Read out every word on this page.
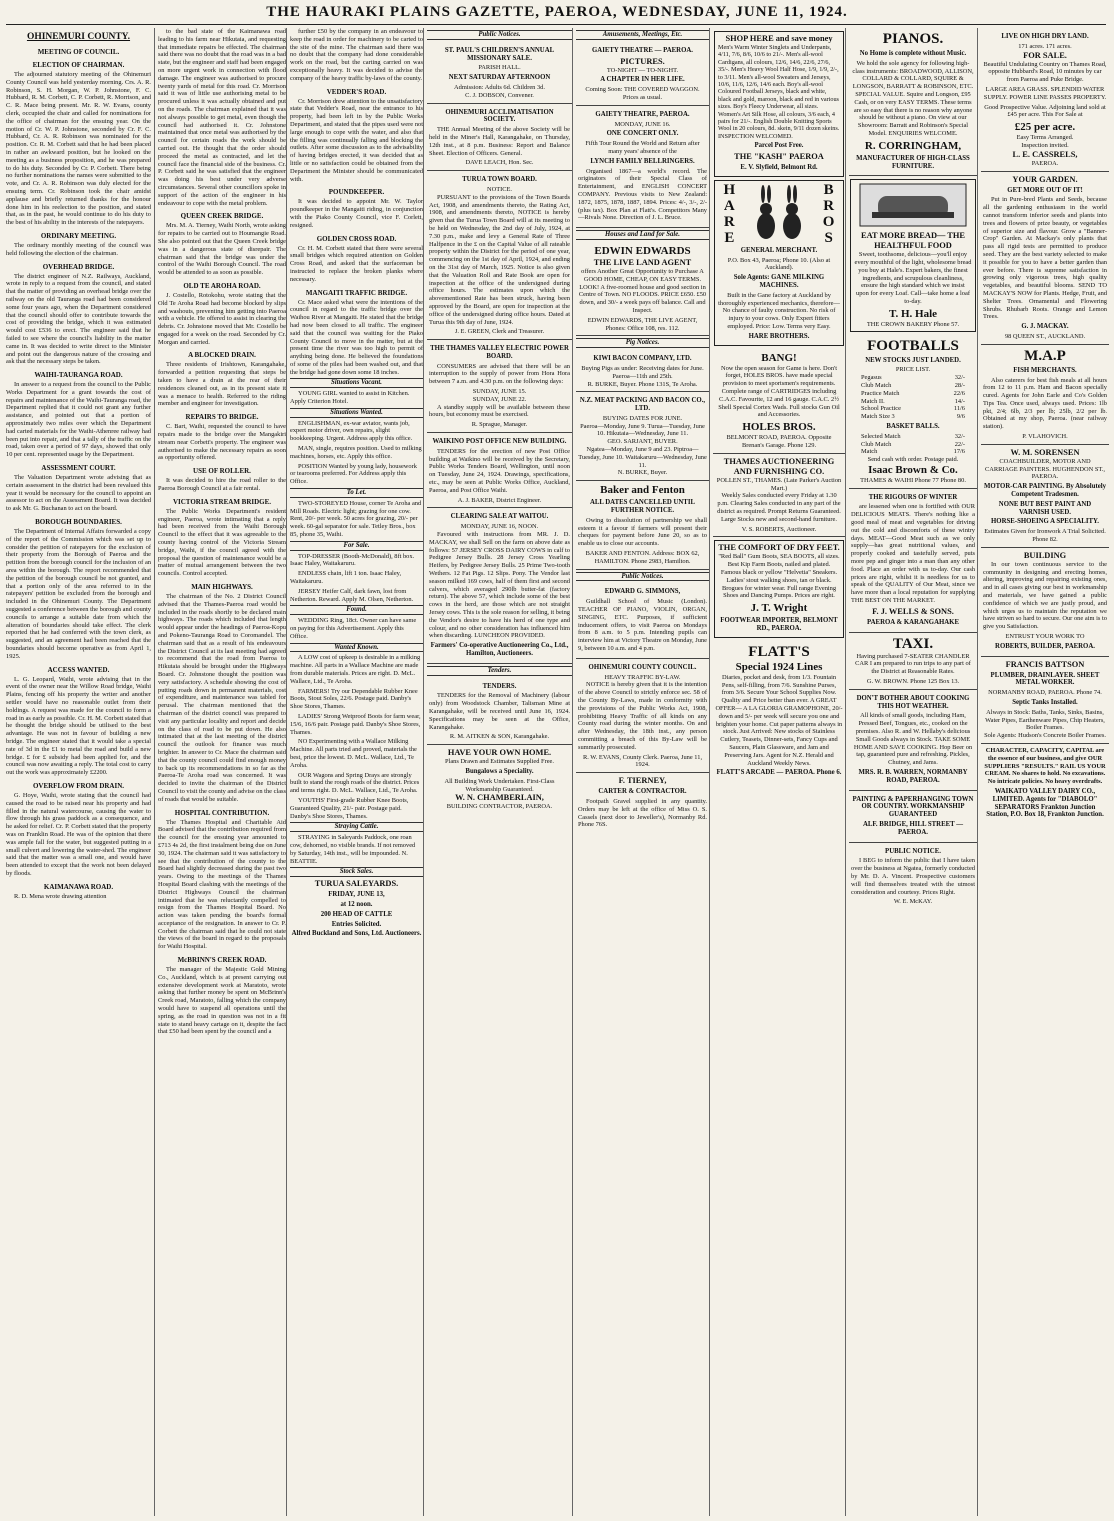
THE HAURAKI PLAINS GAZETTE, PAEROA, WEDNESDAY, JUNE 11, 1924.
OHINEMURI COUNTY.
MEETING OF COUNCIL.
ELECTION OF CHAIRMAN.

The adjourned statutory meeting of the Ohinemuri County Council was held yesterday morning. Crs. A. R. Robinson, S. H. Morgan, W. P. Johnstone, F. C. Hubbard, R. M. Corbett, C. P. Corbett, R. Morrison, and C. R. Mace being present. Mr. R. W. Evans, county clerk, occupied the chair and called for nominations for the office of chairman for the ensuing year. On the motion of Cr. W. P. Johnstone, seconded by Cr. F. C. Hubbard, Cr. A. R. Robinson was nominated for the position. Cr. R. M. Corbett said that he had been placed in rather an awkward position, but he looked on the meeting as a business proposition, and he was prepared to do his duty. Seconded by Cr. P. Corbett. There being no further nominations the names were submitted to the vote, and Cr. A. R. Robinson was duly elected for the ensuing term. Cr. Robinson took the chair amidst applause and briefly returned thanks for the honour done him in his reelection to the position, and stated that, as in the past, he would continue to do his duty to the best of his ability in the interests of the ratepayers.

ORDINARY MEETING.

The ordinary monthly meeting of the council was held following the election of the chairman.

OVERHEAD BRIDGE.

The district engineer of N.Z. Railways, Auckland, wrote in reply to a request from the council, and stated that the matter of providing an overhead bridge over the railway on the old Tauranga road had been considered some four years ago, when the Department considered that the council should offer to contribute towards the cost of providing the bridge, which it was estimated would cost £536 to erect. The engineer said that he failed to see where the council's liability in the matter came in. It was decided to write direct to the Minister and point out the dangerous nature of the crossing and ask that the necessary steps be taken.

WAIHI-TAURANGA ROAD.

In answer to a request from the council to the Public Works Department for a grant towards the cost of repairs and maintenance of the Waihi-Tauranga road, the Department replied that it could not grant any further assistance, and pointed out that a portion of approximately two miles over which the Department had carted materials for the Waihi-Athenree railway had been put into repair, and that a tally of the traffic on the road, taken over a period of 97 days, showed that only 10 per cent. represented usage by the Department.

ASSESSMENT COURT.

The Valuation Department wrote advising that as certain assessment in the district had been revalued this year it would be necessary for the council to appoint an assessor to act on the Assessment Board. It was decided to ask Mr. G. Buchanan to act on the board.

BOROUGH BOUNDARIES.

The Department of Internal Affairs forwarded a copy of the report of the Commission which was set up to consider the petition of ratepayers for the exclusion of their property from the Borough of Paeroa and the petition from the borough council for the inclusion of an area within the borough. The report recommended that the petition of the borough council be not granted, and that a portion only of the area referred to in the ratepayers' petition be excluded from the borough and included in the Ohinemuri County. The Department suggested a conference between the borough and county councils to arrange a suitable date from which the alteration of boundaries should take effect. The clerk reported that he had conferred with the town clerk, as suggested, and an agreement had been reached that the boundaries should become operative as from April 1, 1925.

ACCESS WANTED.

L. G. Leopard, Waihi, wrote advising that in the event of the owner near the Willow Road bridge, Waihi Plains, fencing off his property the writer and another settler would have no reasonable outlet from their holdings. A request was made for the council to form a road in as early as possible. Cr. H. M. Corbett stated that he thought the bridge should be utilised to the best advantage. He was not in favour of building a new bridge. The engineer stated that it would take a special rate of 3d in the £1 to metal the road and build a new bridge. £ for £ subsidy had been applied for, and the council was now awaiting a reply. The total cost to carry out the work was approximately £2200.

OVERFLOW FROM DRAIN.

G. Hoye, Waihi, wrote stating that the council had caused the road to be raised near his property and had filled in the natural watercourse, causing the water to flow through his grass paddock as a consequence, and he asked for relief. Cr. P. Corbett stated that the property was on Franklin Road. He was of the opinion that there was ample fall for the water, but suggested putting in a small culvert and lowering the water-shed. The engineer said that the matter was a small one, and would have been attended to except that the work not been delayed by floods.

KAIMANAWA ROAD.

R. D. Mena wrote drawing attention

to the bad state of the Kaimanawa road leading to his farm near Hikutaia, and requesting that immediate repairs be effected. The chairman said there was no doubt that the road was in a bad state, but the engineer and staff had been engaged on more urgent work in connection with flood damage. The engineer was authorised to procure twenty yards of metal for this road. Cr. Morrison said it was of little use authorising metal to be procured unless it was actually obtained and put on the roads. The chairman explained that it was not always possible to get metal, even though the council had authorised it. Cr. Johnstone maintained that once metal was authorised by the council for certain roads the work should be carried out. He thought that the order should proceed the metal as contracted, and let the council face the financial side of the business. Cr. P. Corbett said he was satisfied that the engineer was doing his best under very adverse circumstances. Several other councillors spoke in support of the action of the engineer in his endeavour to cope with the metal problem.

QUEEN CREEK BRIDGE.

Mrs. M. A. Tierney, Waihi North, wrote asking for repairs to be carried out to Houmangie Road. She also pointed out that the Queen Creek bridge was in a dangerous state of disrepair. The chairman said that the bridge was under the control of the Waihi Borough Council. The road would be attended to as soon as possible.

OLD TE AROHA ROAD.

J. Costello, Rotokohu, wrote stating that the Old Te Aroha Road had become blocked by slips and washouts, preventing him getting into Paeroa with a vehicle. He offered to assist in clearing the debris. Cr. Johnstone moved that Mr. Costello be engaged for a week on the road. Seconded by Cr. Morgan and carried.

A BLOCKED DRAIN.

Three residents of Irishtown, Karangahake, forwarded a petition requesting that steps be taken to have a drain at the rear of their residences cleaned out, as in its present state it was a menace to health. Referred to the riding member and engineer for investigation.

REPAIRS TO BRIDGE.

C. Bart, Waihi, requested the council to have repairs made to the bridge over the Mangakiri stream near Corbett's property. The engineer was authorised to make the necessary repairs as soon as opportunity offered.

USE OF ROLLER.

It was decided to hire the road roller to the Paeroa Borough Council at a fair rental.

VICTORIA STREAM BRIDGE.

The Public Works Department's resident engineer, Paeroa, wrote intimating that a reply had been received from the Waihi Borough Council to the effect that it was agreeable to the county having control of the Victoria Stream bridge, Waihi, if the council agreed with the proposal the question of maintenance would be a matter of mutual arrangement between the two councils. Control accepted.

MAIN HIGHWAYS.

The chairman of the No. 2 District Council advised that the Thames-Paeroa road would be included in the roads shortly to be declared main highways. The roads which included that length would appear under the headings of Paeroa-Kopu and Pokeno-Tauranga Road to Coromandel. The chairman said that as a result of his endeavours the District Council at its last meeting had agreed to recommend that the road from Paeroa to Hikutaia should be brought under the Highways Board. Cr. Johnstone thought the position was very satisfactory. A schedule showing the cost of putting roads down in permanent materials, cost of expenditure, and maintenance was tabled for perusal. The chairman mentioned that the chairman of the district council was prepared to visit any particular locality and report and decide on the class of road to be put down. He also intimated that at the last meeting of the district council the outlook for finance was much brighter. In answer to Cr. Mace the chairman said that the county council could find enough money to back up its recommendations in so far as the Paeroa-Te Aroha road was concerned. It was decided to invite the chairman of the District Council to visit the county and advise on the class of roads that would be suitable.

HOSPITAL CONTRIBUTION.

The Thames Hospital and Charitable Aid Board advised that the contribution required from the council for the ensuing year amounted to £713 4s 2d, the first instalment being due on June 30, 1924. The chairman said it was satisfactory to see that the contribution of the county to the Board had slightly decreased during the past two years. Owing to the meetings of the Thames Hospital Board clashing with the meetings of the District Highways Council the chairman intimated that he was reluctantly compelled to resign from the Thames Hospital Board. No action was taken pending the board's formal acceptance of the resignation. In answer to Cr. P. Corbett the chairman said that he could not state the views of the board in regard to the proposals for Waihi Hospital.

McBRINN'S CREEK ROAD.

The manager of the Majestic Gold Mining Co., Auckland, which is at present carrying out extensive development work at Maratoto, wrote asking that further money be spent on McBrinn's Creek road, Maratoto, falling which the company would have to suspend all operations until the spring, as the road in question was not in a fit state to stand heavy cartage on it, despite the fact that £50 had been spent by the council and a

further £50 by the company in an endeavour to keep the road in order for machinery to be carted to the site of the mine. The chairman said there was no doubt that the company had done considerable work on the road, but the carting carried on was exceptionally heavy. It was decided to advise the company of the heavy traffic by-laws of the county.

VEDDER'S ROAD.

Cr. Morrison drew attention to the unsatisfactory state that Vedder's Road, near the entrance to his property, had been left in by the Public Works Department, and stated that the pipes used were not large enough to cope with the water, and also that the filling was continually falling and blocking the outlets. After some discussion as to the advisability of having bridges erected, it was decided that as little or no satisfaction could be obtained from the Department the Minister should be communicated with.

POUNDKEEPER.

It was decided to appoint Mr. W. Taylor poundkeeper in the Mangaiti riding, in conjunction with the Piako County Council, vice F. Corlett, resigned.

GOLDEN CROSS ROAD.

Cr. H. M. Corbett stated that there were several small bridges which required attention on Golden Cross Road, and asked that the surfaceman be instructed to replace the broken planks where necessary.

MANGAITI TRAFFIC BRIDGE.

Cr. Mace asked what were the intentions of the council in regard to the traffic bridge over the Waihou River at Mangaiti. He stated that the bridge had now been closed to all traffic. The engineer said that the council was waiting for the Piako County Council to move in the matter, but at the present time the river was too high to permit of anything being done. He believed the foundations of some of the piles had been washed out, and that the bridge had gone down some 18 inches.

Situations Vacant.

YOUNG GIRL wanted to assist in Kitchen. Apply Criterion Hotel.

Situations Wanted.

ENGLISHMAN, ex-war aviator, wants job, expert motor driver, own repairs, slight bookkeeping. Urgent. Address apply this office.

MAN, single, requires position. Used to milking machines, horses, etc. Apply this office.

POSITION Wanted by young lady, housework or tearooms preferred. For Address apply this Office.

To Let.

TWO-STOREYED House, corner Te Aroha and Mill Roads. Electric light; grazing for one cow. Rent, 20/- per week. 50 acres for grazing, 20/- per week. 60-gal separator for sale. Tetley Bros., box 85, phone 35, Waihi.

For Sale.

TOP-DRESSER (Booth-McDonald), 8ft box. Isaac Haley, Waitakaruru.

ENDLESS chain, lift 1 ton. Isaac Haley, Waitakaruru.

JERSEY Heifer Calf, dark fawn, lost from Netherton. Reward. Apply M. Olsen, Netherton.

Found.

WEDDING Ring, 18ct. Owner can have same on paying for this Advertisement. Apply this Office.

Wanted Known.

A LOW cost of upkeep is desirable in a milking machine. All parts in a Wallace Machine are made from durable materials. Prices are right. D. McL. Wallace, Ltd., Te Aroha.

FARMERS! Try our Dependable Rubber Knee Boots, Stout Soles, 22/6. Postage paid. Danby's Shoe Stores, Thames.

LADIES' Strong Wetproof Boots for farm wear, 15/6, 16/6 pair. Postage paid. Danby's Shoe Stores, Thames.

NO Experimenting with a Wallace Milking Machine. All parts tried and proved, materials the best, price the lowest. D. McL. Wallace, Ltd., Te Aroha.

OUR Wagons and Spring Drays are strongly built to stand the rough roads of the district. Prices and terms right. D. McL. Wallace, Ltd., Te Aroha.

YOUTHS' First-grade Rubber Knee Boots, Guaranteed Quality, 21/- pair. Postage paid. Danby's Shoe Stores, Thames.

Straying Cattle.

STRAYING in Saleyards Paddock, one roan cow, dehorned, no visible brands. If not removed by Saturday, 14th inst., will be impounded. N. BEATTIE.

Stock Sales.
TURUA SALEYARDS.
FRIDAY, JUNE 13,
at 12 noon.
200 HEAD OF CATTLE
Entries Solicited.
Alfred Buckland and Sons, Ltd. Auctioneers.
Public Notices.
ST. PAUL'S CHILDREN'S ANNUAL MISSIONARY SALE.
PARISH HALL.
NEXT SATURDAY AFTERNOON
Admission: Adults 6d. Children 3d.
C. J. DOBSON, Convener.
OHINEMURI ACCLIMATISATION SOCIETY.

THE Annual Meeting of the above Society will be held in the Miner's Hall, Karangahake, on Thursday, 12th inst., at 8 p.m. Business: Report and Balance Sheet. Election of Officers. General.

DAVE LEACH, Hon. Sec.
TURUA TOWN BOARD.
NOTICE.

PURSUANT to the provisions of the Town Boards Act, 1908, and amendments thereto, the Rating Act, 1908, and amendments thereto, NOTICE is hereby given that the Turua Town Board will at its meeting to be held on Wednesday, the 2nd day of July, 1924, at 7.30 p.m., make and levy a General Rate of Three Halfpence in the £ on the Capital Value of all rateable property within the District for the period of one year, commencing on the 1st day of April, 1924, and ending on the 31st day of March, 1925. Notice is also given that the Valuation Roll and Rate Book are open for inspection at the office of the undersigned during office hours. The estimates upon which the abovementioned Rate has been struck, having been approved by the Board, are open for inspection at the office of the undersigned during office hours. Dated at Turua this 9th day of June, 1924.

J. E. GREEN, Clerk and Treasurer.
THE THAMES VALLEY ELECTRIC POWER BOARD.

CONSUMERS are advised that there will be an interruption to the supply of power from Hora Hora between 7 a.m. and 4.30 p.m. on the following days:

SUNDAY, JUNE 15.
SUNDAY, JUNE 22.

A standby supply will be available between these hours, but economy must be exercised.

R. Sprague, Manager.
WAIKINO POST OFFICE NEW BUILDING.

TENDERS for the erection of new Post Office building at Waikino will be received by the Secretary, Public Works Tenders Board, Wellington, until noon on Tuesday, June 24, 1924. Drawings, specifications, etc., may be seen at Public Works Office, Auckland, Paeroa, and Post Office Waihi.

A. J. BAKER, District Engineer.
CLEARING SALE AT WAITOU.
MONDAY, JUNE 16, NOON.

Favoured with instructions from MR. J. D. MACKAY, we shall Sell on the farm on above date as follows: 57 JERSEY CROSS DAIRY COWS in calf to Pedigree Jersey Bulls. 28 Jersey Cross Yearling Heifers, by Pedigree Jersey Bulls. 25 Prime Two-tooth Wethers. 12 Fat Pigs. 12 Slips. Pony. The Vendor last season milked 169 cows, half of them first and second calvers, which averaged 290lb butter-fat (factory return). The above 57, which include some of the best cows in the herd, are those which are not straight Jersey cows. This is the sole reason for selling, it being the Vendor's desire to have his herd of one type and colour, and no other consideration has influenced him when discarding. LUNCHEON PROVIDED.

Farmers' Co-operative Auctioneering Co., Ltd., Hamilton, Auctioneers.
Tenders.
TENDERS.

TENDERS for the Removal of Machinery (labour only) from Woodstock Chamber, Talisman Mine at Karangahake, will be received until June 16, 1924. Specifications may be seen at the Office, Karangahake.

R. M. AITKEN & SON, Karangahake.
HAVE YOUR OWN HOME.
Plans Drawn and Estimates Supplied Free.
Bungalows a Speciality.
All Building Work Undertaken. First-Class Workmanship Guaranteed.
W. N. CHAMBERLAIN,
BUILDING CONTRACTOR, PAEROA.
Amusements, Meetings, Etc.
GAIETY THEATRE — PAEROA.
PICTURES.
TO-NIGHT — TO-NIGHT.
A CHAPTER IN HER LIFE.
Coming Soon: THE COVERED WAGGON.
Prices as usual.
GAIETY THEATRE, PAEROA.
MONDAY, JUNE 16.
ONE CONCERT ONLY.
Fifth Tour Round the World and Return after many years' absence of the
LYNCH FAMILY BELLRINGERS.

Organised 1867—a world's record. The originators of their Special Class of Entertainment, and ENGLISH CONCERT COMPANY. Previous visits to New Zealand: 1872, 1875, 1878, 1887, 1894. Prices: 4/-, 3/-, 2/- (plus tax). Box Plan at Flatt's. Competitors Many—Rivals None. Direction of J. L. Bruce.

Houses and Land for Sale.
EDWIN EDWARDS
THE LIVE LAND AGENT

offers Another Great Opportunity to Purchase A GOOD HOME, CHEAP, ON EASY TERMS. LOOK! A five-roomed house and good section in Centre of Town. NO FLOODS. PRICE £650. £50 down, and 30/- a week pays off balance. Call and Inspect.

EDWIN EDWARDS, THE LIVE AGENT, Phones: Office 108, res. 112.
Pig Notices.
KIWI BACON COMPANY, LTD.
Buying Pigs as under: Receiving dates for June. Paeroa—11th and 25th.
R. BURKE, Buyer. Phone 131S, Te Aroha.
N.Z. MEAT PACKING AND BACON CO., LTD.
BUYING DATES FOR JUNE.
Paeroa—Monday, June 9. Turua—Tuesday, June 10. Hikutaia—Wednesday, June 11.
GEO. SARJANT, BUYER.
Ngatea—Monday, June 9 and 23. Piptroa—Tuesday, June 10. Waitakaruru—Wednesday, June 11.
N. BURKE, Buyer.
Baker and Fenton
ALL DATES CANCELLED UNTIL FURTHER NOTICE.

Owing to dissolution of partnership we shall esteem it a favour if farmers will present their cheques for payment before June 20, so as to enable us to close our accounts.

BAKER AND FENTON. Address: BOX 62, HAMILTON. Phone 2983, Hamilton.
Public Notices.
EDWARD G. SIMMONS,

Guildhall School of Music (London). TEACHER OF PIANO, VIOLIN, ORGAN, SINGING, ETC. Purposes, if sufficient inducement offers, to visit Paeroa on Mondays from 8 a.m. to 5 p.m. Intending pupils can interview him at Victory Theatre on Monday, June 9, between 10 a.m. and 4 p.m.

OHINEMURI COUNTY COUNCIL.
HEAVY TRAFFIC BY-LAW.

NOTICE is hereby given that it is the intention of the above Council to strictly enforce sec. 58 of the County By-Laws, made in conformity with the provisions of the Public Works Act, 1908, prohibiting Heavy Traffic of all kinds on any County road during the winter months. On and after Wednesday, the 18th inst., any person committing a breach of this By-Law will be summarily prosecuted.

R. W. EVANS, County Clerk. Paeroa, June 11, 1924.
F. TIERNEY,
CARTER & CONTRACTOR.

Footpath Gravel supplied in any quantity. Orders may be left at the office of Miss O. S. Cassels (next door to Jeweller's), Normanby Rd. Phone 76S.

SHOP HERE and save money

Men's Warm Winter Singlets and Underpants, 4/11, 7/6, 8/6, 10/6 to 21/-. Men's all-wool Cardigans, all colours, 12/6, 14/6, 22/6, 27/6, 35/-. Men's Heavy Wool Half Hose, 1/9, 1/9, 2/-, to 3/11. Men's all-wool Sweaters and Jerseys, 10/6, 11/6, 12/6, 14/6 each. Boy's all-wool Coloured Football Jerseys, black and white, black and gold, maroon, black and red in various sizes. Boy's Fleecy Underwear, all sizes. Women's Art Silk Hose, all colours, 3/6 each, 4 pairs for 21/-. English Double Knitting Sports Wool in 20 colours, 8d. skein, 9/11 dozen skeins. INSPECTION WELCOMED.

Parcel Post Free.
THE "KASH" PAEROA
E. V. Slyfield, Belmont Rd.
H
A
R
E
B
R
O
S
GENERAL MERCHANT.
P.O. Box 43, Paeroa; Phone 10. (Also at Auckland).
Sole Agents: GANE MILKING MACHINES.

Built in the Gane factory at Auckland by thoroughly experienced mechanics, therefore—No chance of faulty construction. No risk of injury to your cows. Only Expert fitters employed. Price: Low. Terms very Easy.

HARE BROTHERS.
BANG!

Now the open season for Game is here. Don't forget, HOLES BROS. have made special provision to meet sportsmen's requirements. Complete range of CARTRIDGES including C.A.C. Favourite, 12 and 16 gauge. C.A.C. 2½ Shell Special Cortex Wads. Full stocks Gun Oil and Accessories.

HOLES BROS.
BELMONT ROAD, PAEROA. Opposite Brenan's Garage. Phone 129.
THAMES AUCTIONEERING AND FURNISHING CO.
POLLEN ST., THAMES. (Late Parker's Auction Mart.)

Weekly Sales conducted every Friday at 1.30 p.m. Clearing Sales conducted in any part of the district as required. Prompt Returns Guaranteed. Large Stocks new and second-hand furniture.

V. S. ROBERTS, Auctioneer.
THE COMFORT OF DRY FEET.

"Red Ball" Gum Boots, SEA BOOTS, all sizes. Best Kip Farm Boots, nailed and plated. Famous black or yellow "Helvetia" Sneakers. Ladies' stout walking shoes, tan or black. Brogues for winter wear. Full range Evening Shoes and Dancing Pumps. Prices are right.

J. T. Wright
FOOTWEAR IMPORTER, BELMONT RD., PAEROA.
FLATT'S
Special 1924 Lines

Diaries, pocket and desk, from 1/3. Fountain Pens, self-filling, from 7/6. Sunshine Purses, from 3/6. Secure Your School Supplies Now. Quality and Price better than ever. A GREAT OFFER— A LA GLORIA GRAMOPHONE, 20/- down and 5/- per week will secure you one and brighten your home. Cut paper patterns always in stock. Just Arrived: New stocks of Stainless Cutlery, Teasets, Dinner-sets, Fancy Cups and Saucers, Plain Glassware, and Jam and Preserving Jars. Agent for N.Z. Herald and Auckland Weekly News.

FLATT'S ARCADE — PAEROA. Phone 6.
PIANOS.
No Home is complete without Music.

We hold the sole agency for following high-class instruments: BROADWOOD, ALLISON, COLLARD & COLLARD, SQUIRE & LONGSON, BARRATT & ROBINSON, ETC. SPECIAL VALUE. Squire and Longson, £95 Cash, or on very EASY TERMS. These terms are so easy that there is no reason why anyone should be without a piano. On view at our Showroom: Barratt and Robinson's Special Model. ENQUIRIES WELCOME.

R. CORRINGHAM,
MANUFACTURER OF HIGH-CLASS FURNITURE.
EAT MORE BREAD— THE HEALTHFUL FOOD

Sweet, toothsome, delicious—you'll enjoy every mouthful of the light, wholesome bread you buy at Hale's. Expert bakers, the finest ingredients, and scrupulous cleanliness, ensure the high standard which we insist upon for every Loaf. Call—take home a loaf to-day.

T. H. Hale
THE CROWN BAKERY Phone 57.
FOOTBALLS
NEW STOCKS JUST LANDED.
PRICE LIST.
Pegasus	32/-
Club Match	28/-
Practice Match	22/6
Match II.	14/-
School Practice	11/6
Match Size 3	9/6
BASKET BALLS.
Selected Match	32/-
Club Match	22/-
Match	17/6
Send cash with order. Postage paid.
Isaac Brown & Co.
THAMES & WAIHI Phone 77 Phone 80.
THE RIGOURS OF WINTER

are lessened when one is fortified with OUR DELICIOUS MEATS. There's nothing like a good meal of meat and vegetables for driving out the cold and discomforts of these wintry days. MEAT—Good Meat such as we only supply—has great nutritional values, and properly cooked and tastefully served, puts more pep and ginger into a man than any other food. Place an order with us to-day. Our cash prices are right, whilst it is needless for us to speak of the QUALITY of Our Meat, since we have more than a local reputation for supplying THE BEST ON THE MARKET.

F. J. WELLS & SONS.
PAEROA & KARANGAHAKE
TAXI.

Having purchased 7-SEATER CHANDLER CAR I am prepared to run trips to any part of the District at Reasonable Rates.

G. W. BROWN. Phone 125 Box 13.
DON'T BOTHER ABOUT COOKING THIS HOT WEATHER.

All kinds of small goods, including Ham, Pressed Beef, Tongues, etc., cooked on the premises. Also R. and W. Hellaby's delicious Small Goods always in Stock. TAKE SOME HOME AND SAVE COOKING. Hop Beer on tap, guaranteed pure and refreshing. Pickles, Chutney, and Jams.

MRS. R. B. WARREN, NORMANBY ROAD, PAEROA.
PAINTING & PAPERHANGING TOWN OR COUNTRY. WORKMANSHIP GUARANTEED
ALF. BRIDGE, HILL STREET — PAEROA.
PUBLIC NOTICE.

I BEG to inform the public that I have taken over the business at Ngatea, formerly conducted by Mr. D. A. Vincent. Prospective customers will find themselves treated with the utmost consideration and courtesy. Prices Right.

W. E. McKAY.
LIVE ON HIGH DRY LAND.
171 acres. 171 acres.
FOR SALE.

Beautiful Undulating Country on Thames Road, opposite Hubbard's Road, 10 minutes by car from Paeroa and Puke Bridge.

LARGE AREA GRASS. SPLENDID WATER SUPPLY. POWER LINE PASSES PROPERTY.

Good Prospective Value. Adjoining land sold at £45 per acre. This For Sale at

£25 per acre.
Easy Terms Arranged.
Inspection invited.
L. E. CASSRELS,
PAEROA.
YOUR GARDEN.
GET MORE OUT OF IT!

Put in Pure-bred Plants and Seeds, because all the gardening enthusiasm in the world cannot transform inferior seeds and plants into trees and flowers of prize beauty, or vegetables of superior size and flavour. Grow a "Banner-Crop" Garden. At Mackay's only plants that pass all rigid tests are permitted to produce seed. They are the best variety selected to make it possible for you to have a better garden than ever before. There is supreme satisfaction in growing only vigorous trees, high quality vegetables, and beautiful blooms. SEND TO MACKAY'S NOW for Plants. Hedge, Fruit, and Shelter Trees. Ornamental and Flowering Shrubs. Rhubarb Roots. Orange and Lemon Trees.

G. J. MACKAY.
98 QUEEN ST., AUCKLAND.
M.A.P
FISH MERCHANTS.

Also caterers for best fish meals at all hours from 12 to 11 p.m. Ham and Bacon specially cured. Agents for John Earle and Co's Golden Tips Tea. Once used, always used. Prices: 1lb pkt, 2/4; 6lb, 2/3 per lb; 25lb, 2/2 per lb. Obtained at my shop, Paeroa. (near railway station).

P. VLAHOVICH.
W. M. SORENSEN
COACHBUILDER, MOTOR AND CARRIAGE PAINTERS. HUGHENDON ST., PAEROA.
MOTOR-CAR PAINTING. By Absolutely Competent Tradesmen.
NONE BUT BEST PAINT AND VARNISH USED.
HORSE-SHOEING A SPECIALITY.
Estimates Given for Ironwork A Trial Solicited. Phone 82.
BUILDING

In our town continuous service to the community in designing and erecting homes, altering, improving and repairing existing ones, and in all cases giving our best in workmanship and materials, we have gained a public confidence of which we are justly proud, and which urges us to maintain the reputation we have striven so hard to secure. Our one aim is to give you Satisfaction.

ENTRUST YOUR WORK TO
ROBERTS, BUILDER, PAEROA.
FRANCIS BATTSON
PLUMBER, DRAINLAYER. SHEET METAL WORKER.
NORMANBY ROAD, PAEROA. Phone 74.
Septic Tanks Installed.
Always in Stock: Baths, Tanks, Sinks, Basins, Water Pipes, Earthenware Pipes, Chip Heaters, Boiler Frames.
Sole Agents: Hudson's Concrete Boiler Frames.

CHARACTER, CAPACITY, CAPITAL are the essence of our business, and give OUR SUPPLIERS "RESULTS." RAIL US YOUR CREAM. No shares to hold. No excavations. No intricate policies. No heavy overdrafts.

WAIKATO VALLEY DAIRY CO., LIMITED. Agents for "DIABOLO" SEPARATORS Frankton Junction Station, P.O. Box 18, Frankton Junction.
